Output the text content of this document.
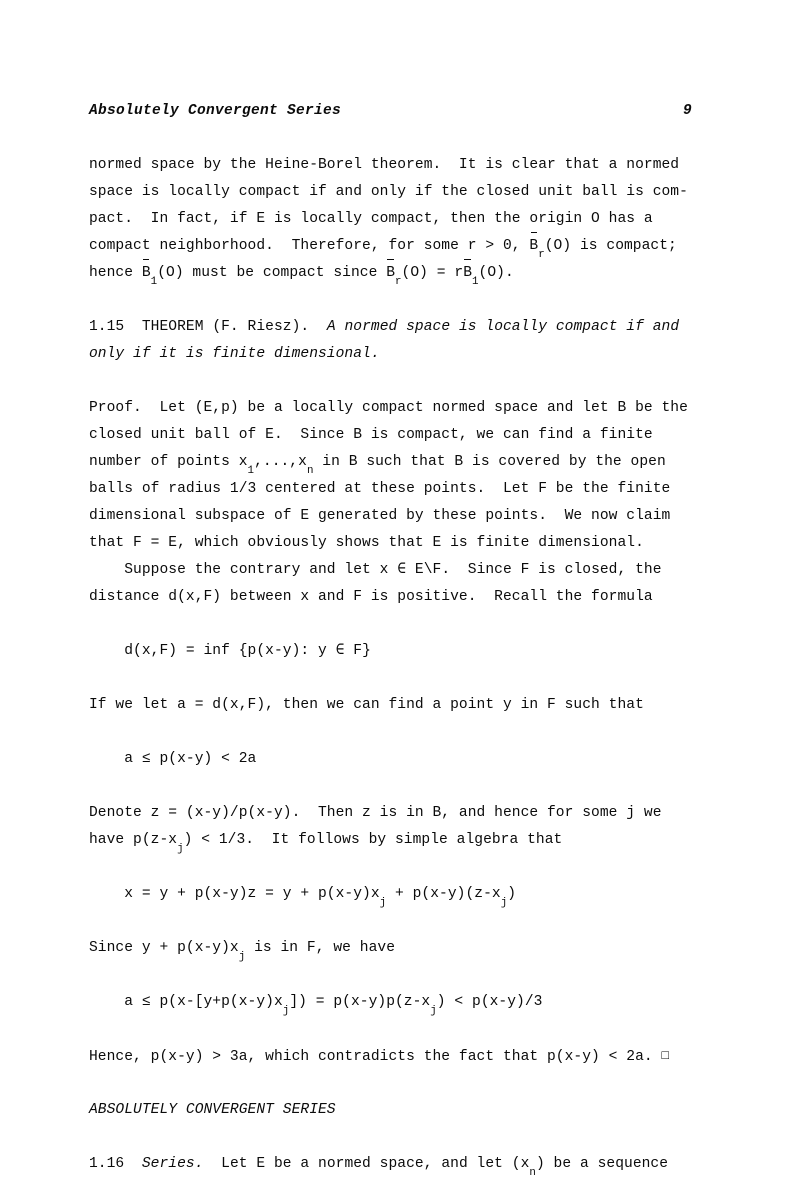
Absolutely Convergent Series	9
normed space by the Heine-Borel theorem.  It is clear that a normed
space is locally compact if and only if the closed unit ball is com-
pact.  In fact, if E is locally compact, then the origin O has a
compact neighborhood.  Therefore, for some r > 0, $B_r(O)$ is compact;
hence $B_1(O)$ must be compact since $B_r(O) = rB_1(O)$.
1.15 THEOREM (F. Riesz). A normed space is locally compact if and
only if it is finite dimensional.
Proof.  Let (E,p) be a locally compact normed space and let B be the
closed unit ball of E.  Since B is compact, we can find a finite
number of points $x_1,...,x_n$ in B such that B is covered by the open
balls of radius 1/3 centered at these points.  Let F be the finite
dimensional subspace of E generated by these points.  We now claim
that F = E, which obviously shows that E is finite dimensional.
Suppose the contrary and let x ∈ E\F.  Since F is closed, the
distance d(x,F) between x and F is positive.  Recall the formula
d(x,F) = inf {p(x-y): y ∈ F}
If we let a = d(x,F), then we can find a point y in F such that
a ≤ p(x-y) < 2a
Denote z = (x-y)/p(x-y).  Then z is in B, and hence for some j we
have $p(z-x_j) < 1/3$.  It follows by simple algebra that
$x = y + p(x-y)z = y + p(x-y)x_j + p(x-y)(z-x_j)$
Since $y + p(x-y)x_j$ is in F, we have
$a \le p(x-[y+p(x-y)x_j]) = p(x-y)p(z-x_j) < p(x-y)/3$
Hence, p(x-y) > 3a, which contradicts the fact that p(x-y) < 2a. □
ABSOLUTELY CONVERGENT SERIES
1.16 Series.  Let E be a normed space, and let $(x_n)$ be a sequence
